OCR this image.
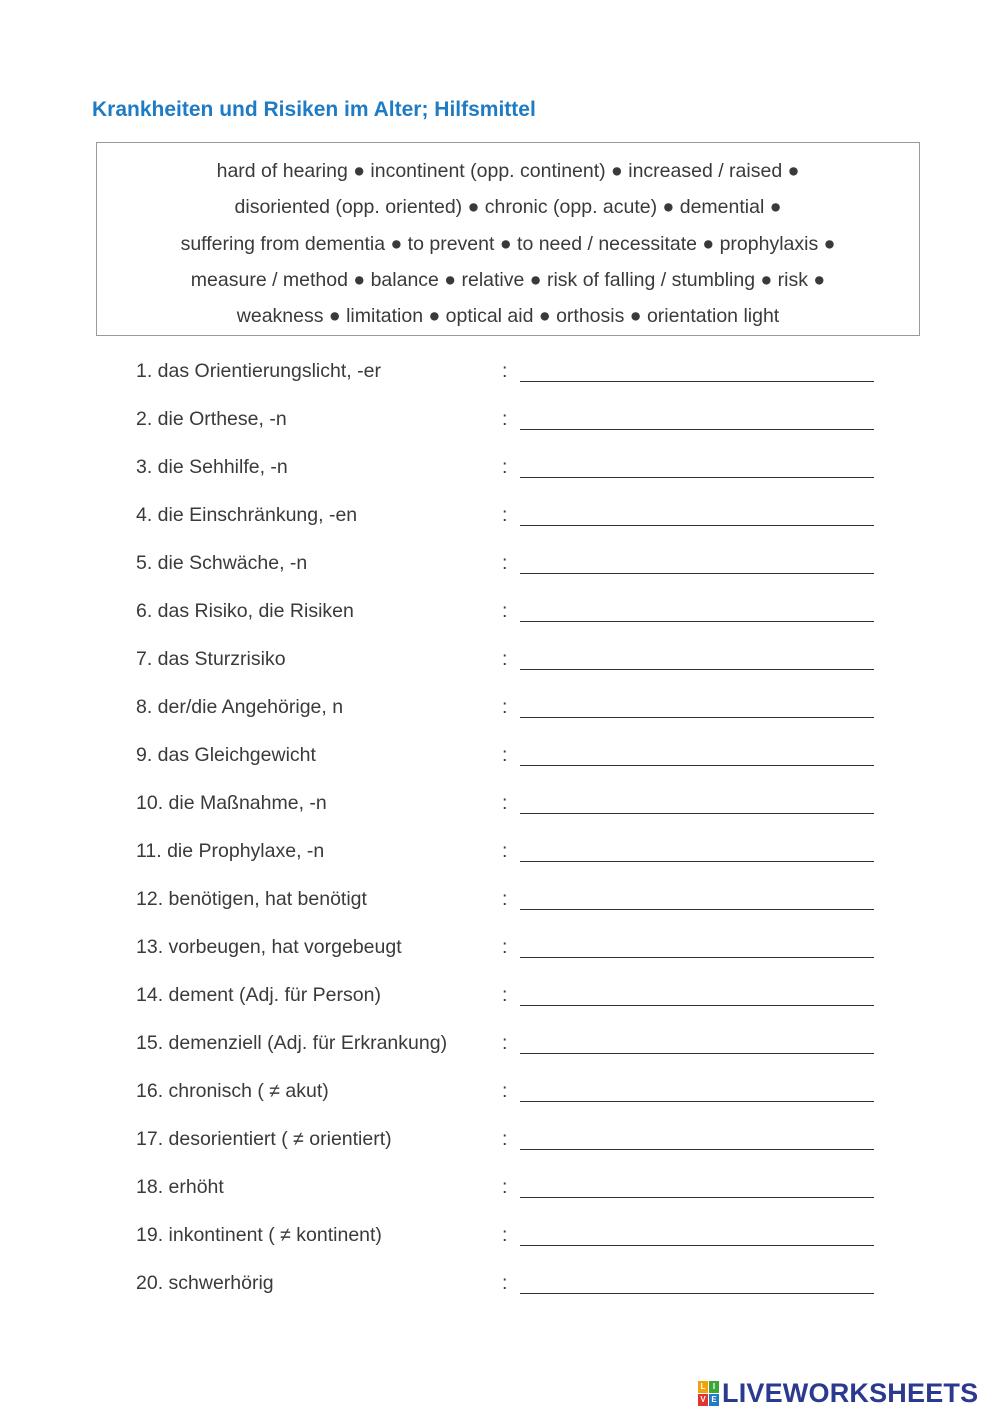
Krankheiten und Risiken im Alter; Hilfsmittel
hard of hearing ● incontinent (opp. continent) ● increased / raised ●
disoriented (opp. oriented) ● chronic (opp. acute) ● demential ●
suffering from dementia ● to prevent ● to need / necessitate ● prophylaxis ●
measure / method ● balance ● relative ● risk of falling / stumbling ● risk ●
weakness ● limitation ● optical aid ● orthosis ● orientation light
1. das Orientierungslicht, -er	:
2. die Orthese, -n	:
3. die Sehhilfe, -n	:
4. die Einschränkung, -en	:
5. die Schwäche, -n	:
6. das Risiko, die Risiken	:
7. das Sturzrisiko	:
8. der/die Angehörige, n	:
9. das Gleichgewicht	:
10. die Maßnahme, -n	:
11. die Prophylaxe, -n	:
12. benötigen, hat benötigt	:
13. vorbeugen, hat vorgebeugt	:
14. dement (Adj. für Person)	:
15. demenziell (Adj. für Erkrankung)	:
16. chronisch ( ≠ akut)	:
17. desorientiert ( ≠ orientiert)	:
18. erhöht	:
19. inkontinent ( ≠ kontinent)	:
20. schwerhörig	:
L I
V E LIVEWORKSHEETS
